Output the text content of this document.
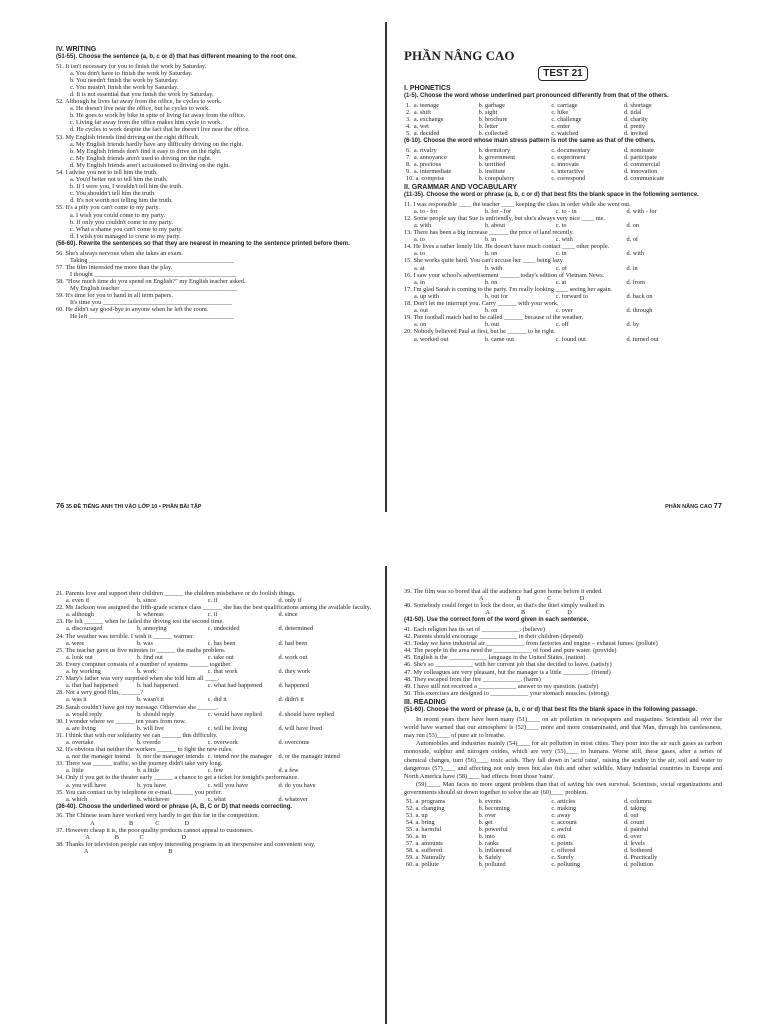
IV. WRITING
(51-55). Choose the sentence (a, b, c or d) that has different meaning to the root one.
51. It isn't necessary for you to finish the work by Saturday.
a. You don't have to finish the work by Saturday.
b. You needn't finish the work by Saturday.
c. You mustn't finish the work by Saturday.
d. It is not essential that you finish the work by Saturday.
52. Although he lives far away from the office, he cycles to work.
a. He doesn't live near the office, but he cycles to work.
b. He goes to work by bike in spite of living far away from the office.
c. Living far away from the office makes him cycle to work.
d. He cycles to work despite the fact that he doesn't live near the office.
53. My English friends find driving on the right difficult.
a. My English friends hardly have any difficulty driving on the right.
b. My English friends don't find it easy to drive on the right.
c. My English friends aren't used to driving on the right.
d. My English friends aren't accustomed to driving on the right.
54. I advise you not to tell him the truth.
a. You'd better not to tell him the truth.
b. If I were you, I wouldn't tell him the truth.
c. You shouldn't tell him the truth.
d. It's not worth not telling him the truth.
55. It's a pity you can't come to my party.
a. I wish you could come to my party.
b. If only you couldn't come to my party.
c. What a shame you can't come to my party.
d. I wish you managed to come to my party.
(56-60). Rewrite the sentences so that they are nearest in meaning to the sentence printed before them.
56. She's always nervous when she takes an exam.
Taking ______________________________________________
57. The film interested me more than the play.
I thought _____________________________________________
58. "How much time do you spend on English?" my English teacher asked.
My English teacher _____________________________________
59. It's time for you to hand in all term papers.
It's time you _________________________________________
60. He didn't say good-bye to anyone when he left the room.
He left ______________________________________________
76 35 ĐỀ TIẾNG ANH THI VÀO LỚP 10 • PHẦN BÀI TẬP
PHẦN NÂNG CAO
TEST 21
I. PHONETICS
(1-5). Choose the word whose underlined part pronounced differently from that of the others.
1.  a. teenage	b. garbage	c. carriage	d. shortage
2.  a. shift	b. sight	c. hike	d. tidal
3.  a. exchange	b. brochure	c. challenge	d. charity
4.  a. wet	b. letter	c. enter	d. pretty
5.  a. decided	b. collected	c. watched	d. invited
(6-10). Choose the word whose main stress pattern is not the same as that of the others.
6.  a. rivalry	b. dormitory	c. documentary	d. nominate
7.  a. annoyance	b. government	c. experiment	d. participate
8.  a. precious	b. terrified	c. innovate	d. commercial
9.  a. intermediate	b. institute	c. interactive	d. innovation
10. a. comprise	b. compulsory	c. correspond	d. communicate
II. GRAMMAR AND VOCABULARY
(11-35). Choose the word or phrase (a, b, c or d) that best fits the blank space in the following sentence.
11. I was responsible ____ the teacher ____ keeping the class in order while she went out.
a. to - for	b. for - for	c. to - in	d. with - for
12. Some people say that Sue is unfriendly, but she's always very nice ____ me.
a. with	b. about	c. to	d. on
13. There has been a big increase ______ the price of land recently.
a. to	b. in	c. with	d. of
14. He lives a rather lonely life. He doesn't have much contact ____ other people.
a. to	b. on	c. in	d. with
15. She works quite hard. You can't accuse her ____ being lazy.
a. at	b. with	c. of	d. in
16. I saw your school's advertisement ______ today's edition of Vietnam News.
a. in	b. on	c. at	d. from
17. I'm glad Sarah is coming to the party. I'm really looking ____ seeing her again.
a. up with	b. out for	c. forward to	d. back on
18. Don't let me interrupt you. Carry ______ with your work.
a. out	b. on	c. over	d. through
19. The football match had to be called ______ because of the weather.
a. on	b. out	c. off	d. by
20. Nobody believed Paul at first, but he ______ to be right.
a. worked out	b. came out	c. found out	d. turned out
PHẦN NÂNG CAO 77
21. Parents love and support their children ______ the children misbehave or do foolish things.
a. even if	b. since	c. if	d. only if
22. Ms Jackson was assigned the fifth-grade science class ______ she has the best qualifications among the available faculty.
a. although	b. whereas	c. if	d. since
23. He felt ______ when he failed the driving test the second time.
a. discouraged	b. annoying	c. undecided	d. determined
24. The weather was terrible. I wish it ______ warmer.
a. were	b. was	c. has been	d. had been
25. The teacher gave us five minutes to ______ the maths problem.
a. look out	b. find out	c. take out	d. work out
26. Every computer consists of a number of systems ______ together.
a. by working	b. work	c. that work	d. they work
27. Mary's father was very surprised when she told him all ____.
a. that had happened	b. had happened	c. what had happened	d. happened
28. Not a very good film, ______?
a. was it	b. wasn't it	c. did it	d. didn't it
29. Sarah couldn't have got my message. Otherwise she ______.
a. would reply	b. should reply	c. would have replied	d. should have replied
30. I wonder where we ______ ten years from now.
a. are living	b. will live	c. will be living	d. will have lived
31. I think that with our solidarity we can ______ this difficulty.
a. overtake	b. overdo	c. overwork	d. overcome
32. It's obvious that neither the workers ______ to fight the new rules.
a. nor the manager intend	b. nor the manager intends c. intend nor the manager	d. or the manager intend
33. There was ______ traffic, so the journey didn't take very long.
a. little	b. a little	c. few	d. a few
34. Only if you get to the theater early ______ a chance to get a ticket for tonight's performance.
a. you will have	b. you have	c. will you have	d. do you have
35. You can contact us by telephone or e-mail, ______ you prefer.
a. which	b. whichever	c. what	d. whatever
(36-40). Choose the underlined word or phrase (A, B, C or D) that needs correcting.
36. The Chinese team have worked very hardly to get this far in the competition.
A                      B              C                D
37. However cheap it is, the poor quality products cannot appeal to customers.
A                B             C                        D
38. Thanks for television people can enjoy interesting programs in an inexpensive and convenient way.
A                                                   B
39. The film was so bored that all the audience had gone home before it ended.
A                     B                 C                  D
40. Somebody could forget to lock the door, so that's the thief simply walked in.
A                    B             C           D
(41-50). Use the correct form of the word given in each sentence.
41. Each religion has its set of ____________. (believe)
42. Parents should encourage ____________ in their children (depend)
43. Today we have industrial air ____________ from factories and engine – exhaust fumes. (pollute)
44. The people in the area need the ____________ of food and pure water. (provide)
45. English is the ____________ language in the United States. (nation)
46. She's so ____________ with her current job that she decided to leave. (satisfy)
47. My colleagues are very pleasant, but the manager is a little ________. (friend)
48. They escaped from the fire ____________. (harm)
49. I have still not received a ____________ answer to my question. (satisfy)
50. This exercises are designed to ____________ your stomach muscles. (strong)
III. READING
(51-60). Choose the word or phrase (a, b, c or d) that best fits the blank space in the following passage.
In recent years there have been many (51)____ on air pollution in newspapers and magazines. Scientists all over the world have warned that our atmosphere is (52)____ more and more contaminated, and that Man, through his carelessness, may run (53)____ of pure air to breathe.
Automobiles and industries mainly (54)____ for air pollution in most cities. They pour into the air such gases as carbon monoxide, sulphur and nitrogen oxides, which are very (55)____ to humans. Worse still, these gases, after a series of chemical changes, turn (56)____ toxic acids. They fall down in 'acid rains', raising the acidity in the air, soil and water to dangerous (57)____ and affecting not only trees but also fish and other wildlife. Many industrial countries in Europe and North America have (58)____ bad effects from those 'rains'.
(59)____, Man faces no more urgent problem than that of saving his own survival. Scientists, social organizations and governments should sit down together to solve the air (60)____ problem.
51. a. programs	b. events	c. articles	d. columns
52. a. changing	b. becoming	c. making	d. taking
53. a. up	b. over	c. away	d. out
54. a. bring	b. get	c. account	d. count
55. a. harmful	b. powerful	c. awful	d. painful
56. a. in	b. into	c. out	d. over
57. a. amounts	b. ranks	c. points	d. levels
58. a. suffered	b. influenced	c. offered	d. bothered
59. a. Naturally	b. Safely	c. Surely	d. Practically
60. a. pollute	b. polluted	c. polluting	d. pollution
